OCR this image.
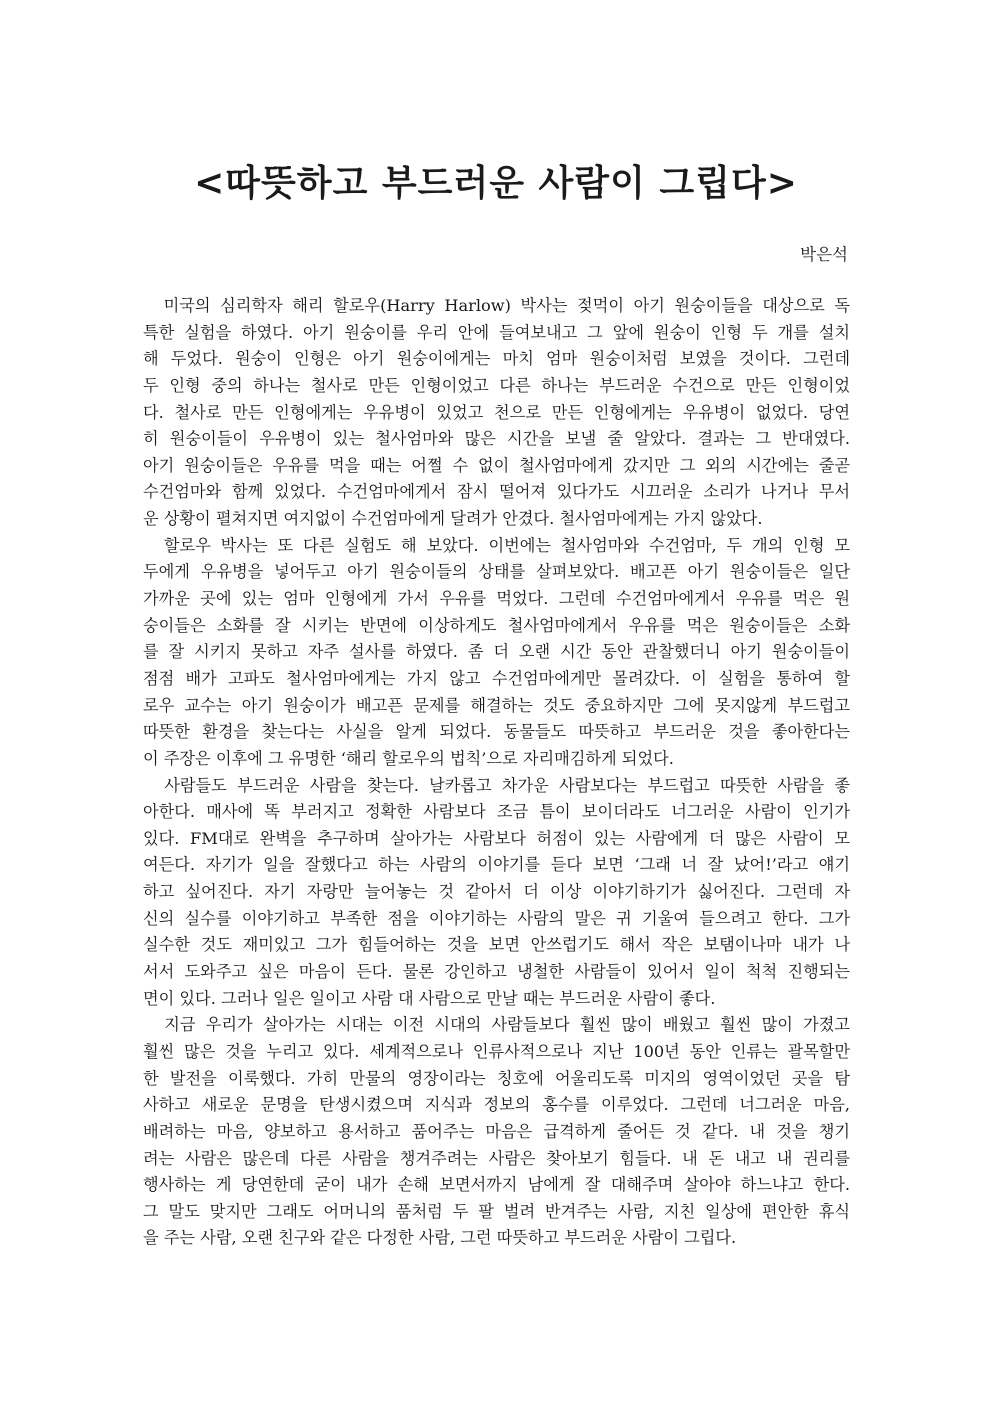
<따뜻하고 부드러운 사람이 그립다>

박은석

　미국의 심리학자 해리 할로우(Harry Harlow) 박사는 젖먹이 아기 원숭이들을 대상으로 독
특한 실험을 하였다. 아기 원숭이를 우리 안에 들여보내고 그 앞에 원숭이 인형 두 개를 설치
해 두었다. 원숭이 인형은 아기 원숭이에게는 마치 엄마 원숭이처럼 보였을 것이다. 그런데
두 인형 중의 하나는 철사로 만든 인형이었고 다른 하나는 부드러운 수건으로 만든 인형이었
다. 철사로 만든 인형에게는 우유병이 있었고 천으로 만든 인형에게는 우유병이 없었다. 당연
히 원숭이들이 우유병이 있는 철사엄마와 많은 시간을 보낼 줄 알았다. 결과는 그 반대였다.
아기 원숭이들은 우유를 먹을 때는 어쩔 수 없이 철사엄마에게 갔지만 그 외의 시간에는 줄곧
수건엄마와 함께 있었다. 수건엄마에게서 잠시 떨어져 있다가도 시끄러운 소리가 나거나 무서
운 상황이 펼쳐지면 여지없이 수건엄마에게 달려가 안겼다. 철사엄마에게는 가지 않았다.
　할로우 박사는 또 다른 실험도 해 보았다. 이번에는 철사엄마와 수건엄마, 두 개의 인형 모
두에게 우유병을 넣어두고 아기 원숭이들의 상태를 살펴보았다. 배고픈 아기 원숭이들은 일단
가까운 곳에 있는 엄마 인형에게 가서 우유를 먹었다. 그런데 수건엄마에게서 우유를 먹은 원
숭이들은 소화를 잘 시키는 반면에 이상하게도 철사엄마에게서 우유를 먹은 원숭이들은 소화
를 잘 시키지 못하고 자주 설사를 하였다. 좀 더 오랜 시간 동안 관찰했더니 아기 원숭이들이
점점 배가 고파도 철사엄마에게는 가지 않고 수건엄마에게만 몰려갔다. 이 실험을 통하여 할
로우 교수는 아기 원숭이가 배고픈 문제를 해결하는 것도 중요하지만 그에 못지않게 부드럽고
따뜻한 환경을 찾는다는 사실을 알게 되었다. 동물들도 따뜻하고 부드러운 것을 좋아한다는
이 주장은 이후에 그 유명한 ‘해리 할로우의 법칙’으로 자리매김하게 되었다.
　사람들도 부드러운 사람을 찾는다. 날카롭고 차가운 사람보다는 부드럽고 따뜻한 사람을 좋
아한다. 매사에 똑 부러지고 정확한 사람보다 조금 틈이 보이더라도 너그러운 사람이 인기가
있다. FM대로 완벽을 추구하며 살아가는 사람보다 허점이 있는 사람에게 더 많은 사람이 모
여든다. 자기가 일을 잘했다고 하는 사람의 이야기를 듣다 보면 ‘그래 너 잘 났어!’라고 얘기
하고 싶어진다. 자기 자랑만 늘어놓는 것 같아서 더 이상 이야기하기가 싫어진다. 그런데 자
신의 실수를 이야기하고 부족한 점을 이야기하는 사람의 말은 귀 기울여 들으려고 한다. 그가
실수한 것도 재미있고 그가 힘들어하는 것을 보면 안쓰럽기도 해서 작은 보탬이나마 내가 나
서서 도와주고 싶은 마음이 든다. 물론 강인하고 냉철한 사람들이 있어서 일이 척척 진행되는
면이 있다. 그러나 일은 일이고 사람 대 사람으로 만날 때는 부드러운 사람이 좋다.
　지금 우리가 살아가는 시대는 이전 시대의 사람들보다 훨씬 많이 배웠고 훨씬 많이 가졌고
훨씬 많은 것을 누리고 있다. 세계적으로나 인류사적으로나 지난 100년 동안 인류는 괄목할만
한 발전을 이룩했다. 가히 만물의 영장이라는 칭호에 어울리도록 미지의 영역이었던 곳을 탐
사하고 새로운 문명을 탄생시켰으며 지식과 정보의 홍수를 이루었다. 그런데 너그러운 마음,
배려하는 마음, 양보하고 용서하고 품어주는 마음은 급격하게 줄어든 것 같다. 내 것을 챙기
려는 사람은 많은데 다른 사람을 챙겨주려는 사람은 찾아보기 힘들다. 내 돈 내고 내 권리를
행사하는 게 당연한데 굳이 내가 손해 보면서까지 남에게 잘 대해주며 살아야 하느냐고 한다.
그 말도 맞지만 그래도 어머니의 품처럼 두 팔 벌려 반겨주는 사람, 지친 일상에 편안한 휴식
을 주는 사람, 오랜 친구와 같은 다정한 사람, 그런 따뜻하고 부드러운 사람이 그립다.
